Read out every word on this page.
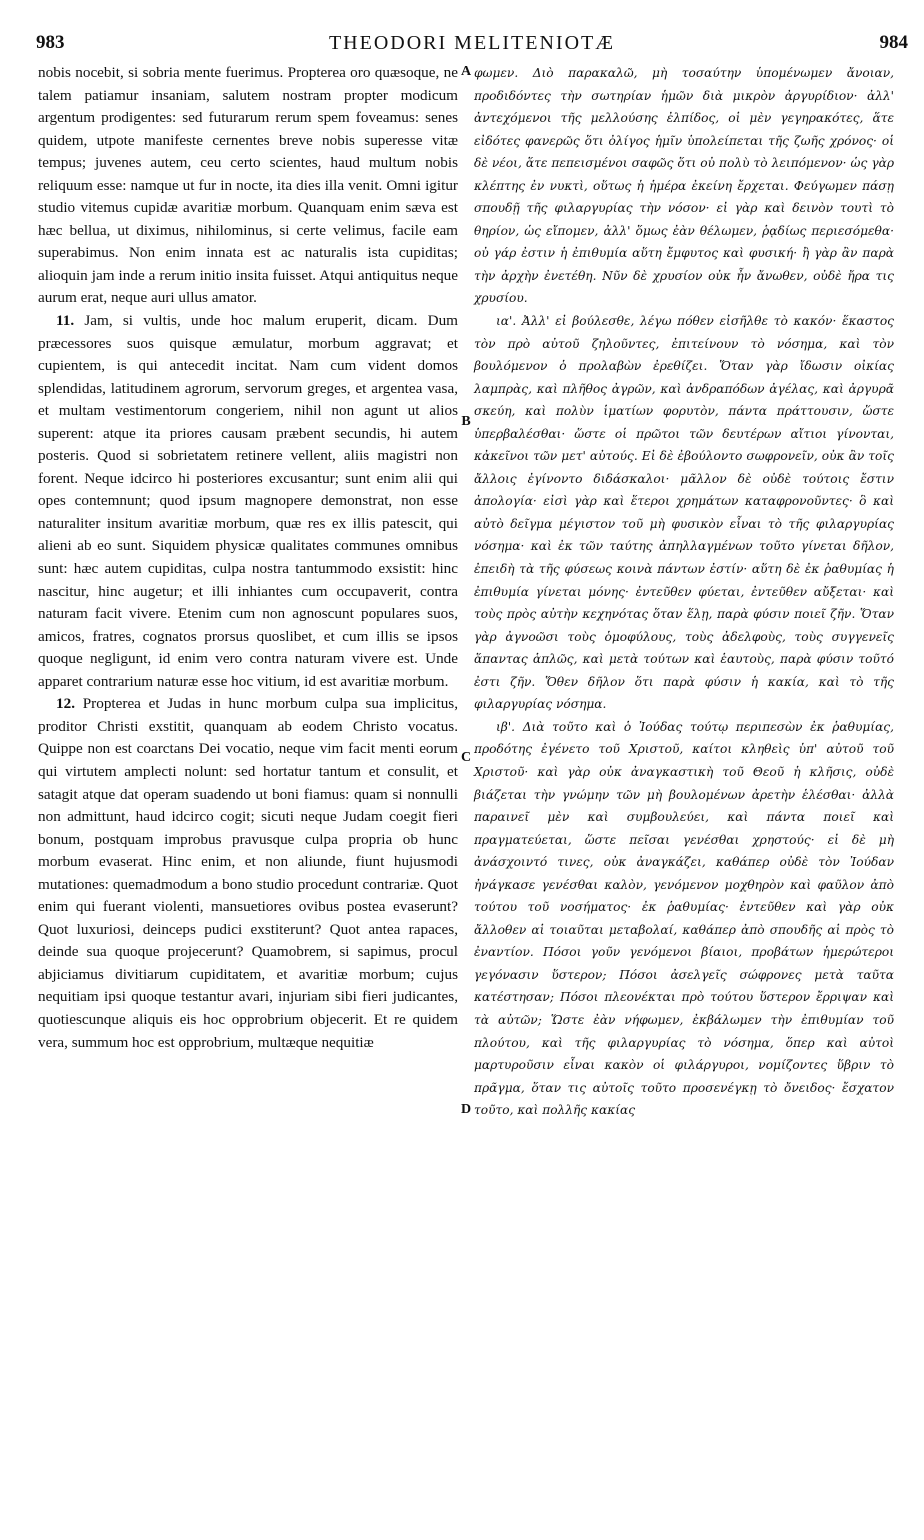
983	THEODORI MELITENIOTÆ	984
A
B
C
D

nobis nocebit, si sobria mente fuerimus. Propterea oro quæsoque, ne talem patiamur insaniam, salutem nostram propter modicum argentum prodigentes: sed futurarum rerum spem foveamus: senes quidem, utpote manifeste cernentes breve nobis superesse vitæ tempus; juvenes autem, ceu certo scientes, haud multum nobis reliquum esse: namque ut fur in nocte, ita dies illa venit. Omni igitur studio vitemus cupidæ avaritiæ morbum. Quanquam enim sæva est hæc bellua, ut diximus, nihilominus, si certe velimus, facile eam superabimus. Non enim innata est ac naturalis ista cupiditas; alioquin jam inde a rerum initio insita fuisset. Atqui antiquitus neque aurum erat, neque auri ullus amator.

11. Jam, si vultis, unde hoc malum eruperit, dicam. Dum præcessores suos quisque æmulatur, morbum aggravat; et cupientem, is qui antecedit incitat. Nam cum vident domos splendidas, latitudinem agrorum, servorum greges, et argentea vasa, et multam vestimentorum congeriem, nihil non agunt ut alios superent: atque ita priores causam præbent secundis, hi autem posteris. Quod si sobrietatem retinere vellent, aliis magistri non forent. Neque idcirco hi posteriores excusantur; sunt enim alii qui opes contemnunt; quod ipsum magnopere demonstrat, non esse naturaliter insitum avaritiæ morbum, quæ res ex illis patescit, qui alieni ab eo sunt. Siquidem physicæ qualitates communes omnibus sunt: hæc autem cupiditas, culpa nostra tantummodo exsistit: hinc nascitur, hinc augetur; et illi inhiantes cum occupaverit, contra naturam facit vivere. Etenim cum non agnoscunt populares suos, amicos, fratres, cognatos prorsus quoslibet, et cum illis se ipsos quoque negligunt, id enim vero contra naturam vivere est. Unde apparet contrarium naturæ esse hoc vitium, id est avaritiæ morbum.

12. Propterea et Judas in hunc morbum culpa sua implicitus, proditor Christi exstitit, quanquam ab eodem Christo vocatus. Quippe non est coarctans Dei vocatio, neque vim facit menti eorum qui virtutem amplecti nolunt: sed hortatur tantum et consulit, et satagit atque dat operam suadendo ut boni fiamus: quam si nonnulli non admittunt, haud idcirco cogit; sicuti neque Judam coegit fieri bonum, postquam improbus pravusque culpa propria ob hunc morbum evaserat. Hinc enim, et non aliunde, fiunt hujusmodi mutationes: quemadmodum a bono studio procedunt contrariæ. Quot enim qui fuerant violenti, mansuetiores ovibus postea evaserunt? Quot luxuriosi, deinceps pudici exstiterunt? Quot antea rapaces, deinde sua quoque projecerunt? Quamobrem, si sapimus, procul abjiciamus divitiarum cupiditatem, et avaritiæ morbum; cujus nequitiam ipsi quoque testantur avari, injuriam sibi fieri judicantes, quotiescunque aliquis eis hoc opprobrium objecerit. Et re quidem vera, summum hoc est opprobrium, multæque nequitiæ

φωμεν. Διὸ παρακαλῶ, μὴ τοσαύτην ὑπομένωμεν ἄνοιαν, προδιδόντες τὴν σωτηρίαν ἡμῶν διὰ μικρὸν ἀργυρίδιον· ἀλλ' ἀντεχόμενοι τῆς μελλούσης ἐλπίδος, οἱ μὲν γεγηρακότες, ἅτε εἰδότες φανερῶς ὅτι ὀλίγος ἡμῖν ὑπολείπεται τῆς ζωῆς χρόνος· οἱ δὲ νέοι, ἅτε πεπεισμένοι σαφῶς ὅτι οὐ πολὺ τὸ λειπόμενον· ὡς γὰρ κλέπτης ἐν νυκτὶ, οὕτως ἡ ἡμέρα ἐκείνη ἔρχεται. Φεύγωμεν πάσῃ σπουδῇ τῆς φιλαργυρίας τὴν νόσον· εἰ γὰρ καὶ δεινὸν τουτὶ τὸ θηρίον, ὡς εἴπομεν, ἀλλ' ὅμως ἐὰν θέλωμεν, ῥᾳδίως περιεσόμεθα· οὐ γάρ ἐστιν ἡ ἐπιθυμία αὕτη ἔμφυτος καὶ φυσική· ἢ γὰρ ἂν παρὰ τὴν ἀρχὴν ἐνετέθη. Νῦν δὲ χρυσίον οὐκ ἦν ἄνωθεν, οὐδὲ ἤρα τις χρυσίου.

ια'. Ἀλλ' εἰ βούλεσθε, λέγω πόθεν εἰσῆλθε τὸ κακόν· ἕκαστος τὸν πρὸ αὐτοῦ ζηλοῦντες, ἐπιτείνουν τὸ νόσημα, καὶ τὸν βουλόμενον ὁ προλαβὼν ἐρεθίζει. Ὅταν γὰρ ἴδωσιν οἰκίας λαμπρὰς, καὶ πλῆθος ἀγρῶν, καὶ ἀνδραπόδων ἀγέλας, καὶ ἀργυρᾶ σκεύη, καὶ πολὺν ἱματίων φορυτὸν, πάντα πράττουσιν, ὥστε ὑπερβαλέσθαι· ὥστε οἱ πρῶτοι τῶν δευτέρων αἴτιοι γίνονται, κἀκεῖνοι τῶν μετ' αὐτούς. Εἰ δὲ ἐβούλοντο σωφρονεῖν, οὐκ ἂν τοῖς ἄλλοις ἐγίνοντο διδάσκαλοι· μᾶλλον δὲ οὐδὲ τούτοις ἔστιν ἀπολογία· εἰσὶ γὰρ καὶ ἕτεροι χρημάτων καταφρονοῦντες· ὃ καὶ αὐτὸ δεῖγμα μέγιστον τοῦ μὴ φυσικὸν εἶναι τὸ τῆς φιλαργυρίας νόσημα· καὶ ἐκ τῶν ταύτης ἀπηλλαγμένων τοῦτο γίνεται δῆλον, ἐπειδὴ τὰ τῆς φύσεως κοινὰ πάντων ἐστίν· αὕτη δὲ ἐκ ῥαθυμίας ἡ ἐπιθυμία γίνεται μόνης· ἐντεῦθεν φύεται, ἐντεῦθεν αὔξεται· καὶ τοὺς πρὸς αὐτὴν κεχηνότας ὅταν ἕλῃ, παρὰ φύσιν ποιεῖ ζῆν. Ὅταν γὰρ ἀγνοῶσι τοὺς ὁμοφύλους, τοὺς ἀδελφοὺς, τοὺς συγγενεῖς ἅπαντας ἁπλῶς, καὶ μετὰ τούτων καὶ ἑαυτοὺς, παρὰ φύσιν τοῦτό ἐστι ζῆν. Ὅθεν δῆλον ὅτι παρὰ φύσιν ἡ κακία, καὶ τὸ τῆς φιλαργυρίας νόσημα.

ιβ'. Διὰ τοῦτο καὶ ὁ Ἰούδας τούτῳ περιπεσὼν ἐκ ῥαθυμίας, προδότης ἐγένετο τοῦ Χριστοῦ, καίτοι κληθεὶς ὑπ' αὐτοῦ τοῦ Χριστοῦ· καὶ γὰρ οὐκ ἀναγκαστικὴ τοῦ Θεοῦ ἡ κλῆσις, οὐδὲ βιάζεται τὴν γνώμην τῶν μὴ βουλομένων ἀρετὴν ἑλέσθαι· ἀλλὰ παραινεῖ μὲν καὶ συμβουλεύει, καὶ πάντα ποιεῖ καὶ πραγματεύεται, ὥστε πεῖσαι γενέσθαι χρηστούς· εἰ δὲ μὴ ἀνάσχοιντό τινες, οὐκ ἀναγκάζει, καθάπερ οὐδὲ τὸν Ἰούδαν ἠνάγκασε γενέσθαι καλὸν, γενόμενον μοχθηρὸν καὶ φαῦλον ἀπὸ τούτου τοῦ νοσήματος· ἐκ ῥαθυμίας· ἐντεῦθεν καὶ γὰρ οὐκ ἄλλοθεν αἱ τοιαῦται μεταβολαί, καθάπερ ἀπὸ σπουδῆς αἱ πρὸς τὸ ἐναντίον. Πόσοι γοῦν γενόμενοι βίαιοι, προβάτων ἡμερώτεροι γεγόνασιν ὕστερον; Πόσοι ἀσελγεῖς σώφρονες μετὰ ταῦτα κατέστησαν; Πόσοι πλεονέκται πρὸ τούτου ὕστερον ἔρριψαν καὶ τὰ αὐτῶν; Ὥστε ἐὰν νήφωμεν, ἐκβάλωμεν τὴν ἐπιθυμίαν τοῦ πλούτου, καὶ τῆς φιλαργυρίας τὸ νόσημα, ὅπερ καὶ αὐτοὶ μαρτυροῦσιν εἶναι κακὸν οἱ φιλάργυροι, νομίζοντες ὕβριν τὸ πρᾶγμα, ὅταν τις αὐτοῖς τοῦτο προσενέγκῃ τὸ ὄνειδος· ἔσχατον τοῦτο, καὶ πολλῆς κακίας
